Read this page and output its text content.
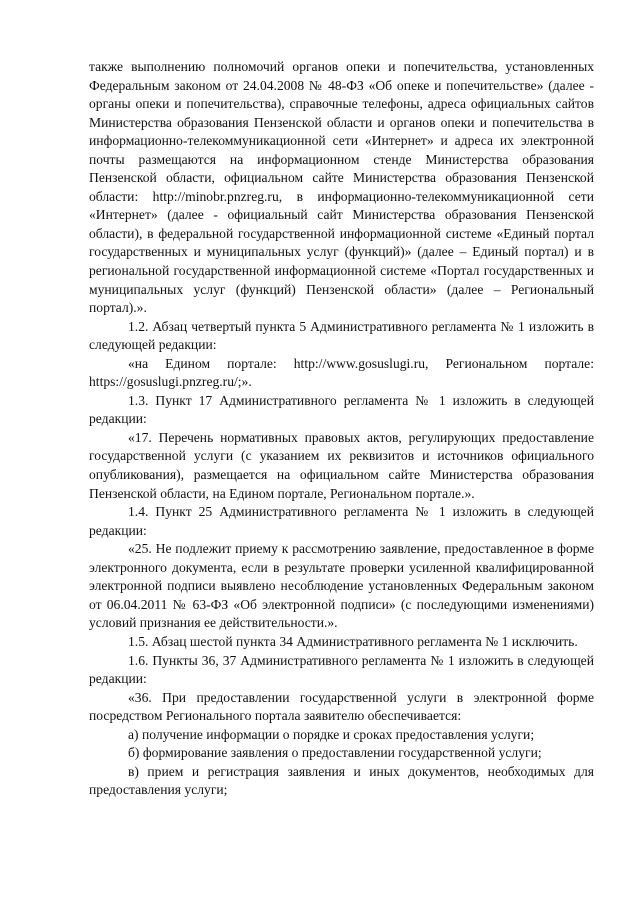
также выполнению полномочий органов опеки и попечительства, установленных Федеральным законом от 24.04.2008 № 48-ФЗ «Об опеке и попечительстве» (далее - органы опеки и попечительства), справочные телефоны, адреса официальных сайтов Министерства образования Пензенской области и органов опеки и попечительства в информационно-телекоммуникационной сети «Интернет» и адреса их электронной почты размещаются на информационном стенде Министерства образования Пензенской области, официальном сайте Министерства образования Пензенской области: http://minobr.pnzreg.ru, в информационно-телекоммуникационной сети «Интернет» (далее - официальный сайт Министерства образования Пензенской области), в федеральной государственной информационной системе «Единый портал государственных и муниципальных услуг (функций)» (далее – Единый портал) и в региональной государственной информационной системе «Портал государственных и муниципальных услуг (функций) Пензенской области» (далее – Региональный портал).».

1.2. Абзац четвертый пункта 5 Административного регламента № 1 изложить в следующей редакции:

«на Едином портале: http://www.gosuslugi.ru, Региональном портале: https://gosuslugi.pnzreg.ru/;».

1.3. Пункт 17 Административного регламента № 1 изложить в следующей редакции:

«17. Перечень нормативных правовых актов, регулирующих предоставление государственной услуги (с указанием их реквизитов и источников официального опубликования), размещается на официальном сайте Министерства образования Пензенской области, на Едином портале, Региональном портале.».

1.4. Пункт 25 Административного регламента № 1 изложить в следующей редакции:

«25. Не подлежит приему к рассмотрению заявление, предоставленное в форме электронного документа, если в результате проверки усиленной квалифицированной электронной подписи выявлено несоблюдение установленных Федеральным законом от 06.04.2011 № 63-ФЗ «Об электронной подписи» (с последующими изменениями) условий признания ее действительности.».

1.5. Абзац шестой пункта 34 Административного регламента № 1 исключить.

1.6. Пункты 36, 37 Административного регламента № 1 изложить в следующей редакции:

«36. При предоставлении государственной услуги в электронной форме посредством Регионального портала заявителю обеспечивается:

а) получение информации о порядке и сроках предоставления услуги;

б) формирование заявления о предоставлении государственной услуги;

в) прием и регистрация заявления и иных документов, необходимых для предоставления услуги;
